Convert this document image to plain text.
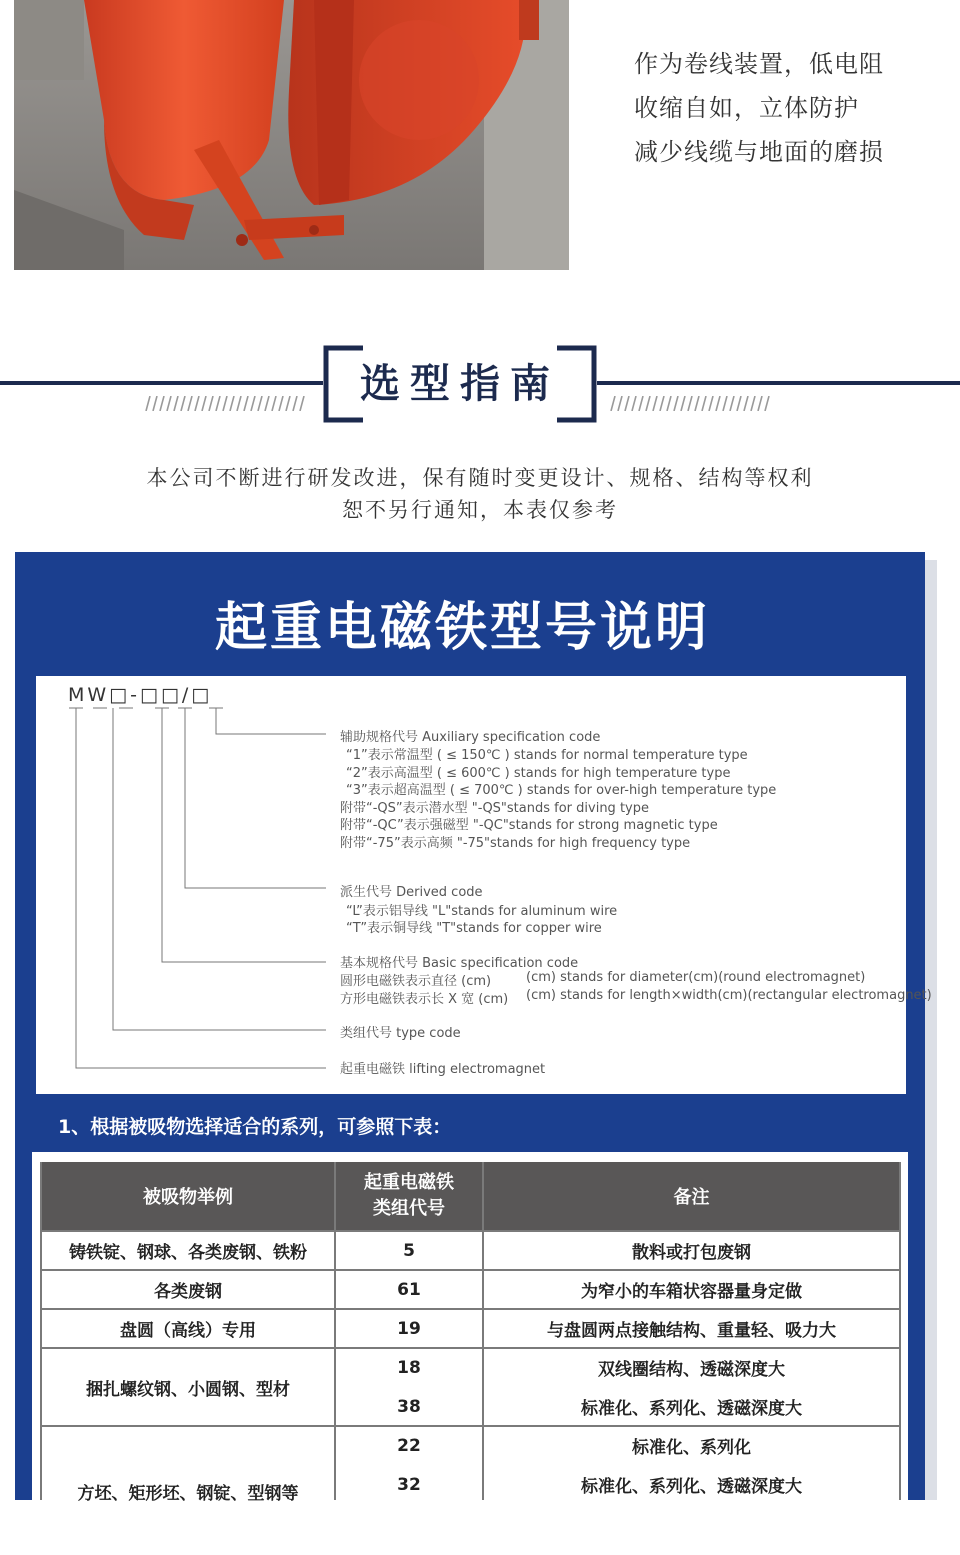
作为卷线装置，低电阻
收缩自如，立体防护
减少线缆与地面的磨损
选型指南
本公司不断进行研发改进，保有随时变更设计、规格、结构等权利
恕不另行通知，本表仅参考
起重电磁铁型号说明
MW□-□□/□
辅助规格代号 Auxiliary specification code
“1”表示常温型 ( ≤ 150℃ ) stands for normal temperature type
“2”表示高温型 ( ≤ 600℃ ) stands for high temperature type
“3”表示超高温型 ( ≤ 700℃ ) stands for over-high temperature type
附带“-QS”表示潜水型 "-QS"stands for diving type
附带“-QC”表示强磁型 "-QC"stands for strong magnetic type
附带“-75”表示高频 "-75"stands for high frequency type
派生代号 Derived code
“L”表示铝导线 "L"stands for aluminum wire
“T”表示铜导线 "T"stands for copper wire
基本规格代号 Basic specification code
圆形电磁铁表示直径 (cm)	(cm) stands for diameter(cm)(round electromagnet)
方形电磁铁表示长 X 宽 (cm) (cm) stands for length×width(cm)(rectangular electromagnet)
类组代号 type code
起重电磁铁 lifting electromagnet
1、根据被吸物选择适合的系列，可参照下表：
被吸物举例
起重电磁铁
类组代号
备注
铸铁锭、钢球、各类废钢、铁粉	5	散料或打包废钢
各类废钢	61	为窄小的车箱状容器量身定做
盘圆（高线）专用	19	与盘圆两点接触结构、重量轻、吸力大
捆扎螺纹钢、小圆钢、型材
18	双线圈结构、透磁深度大
38	标准化、系列化、透磁深度大
方坯、矩形坯、钢锭、型钢等
22	标准化、系列化
32	标准化、系列化、透磁深度大
